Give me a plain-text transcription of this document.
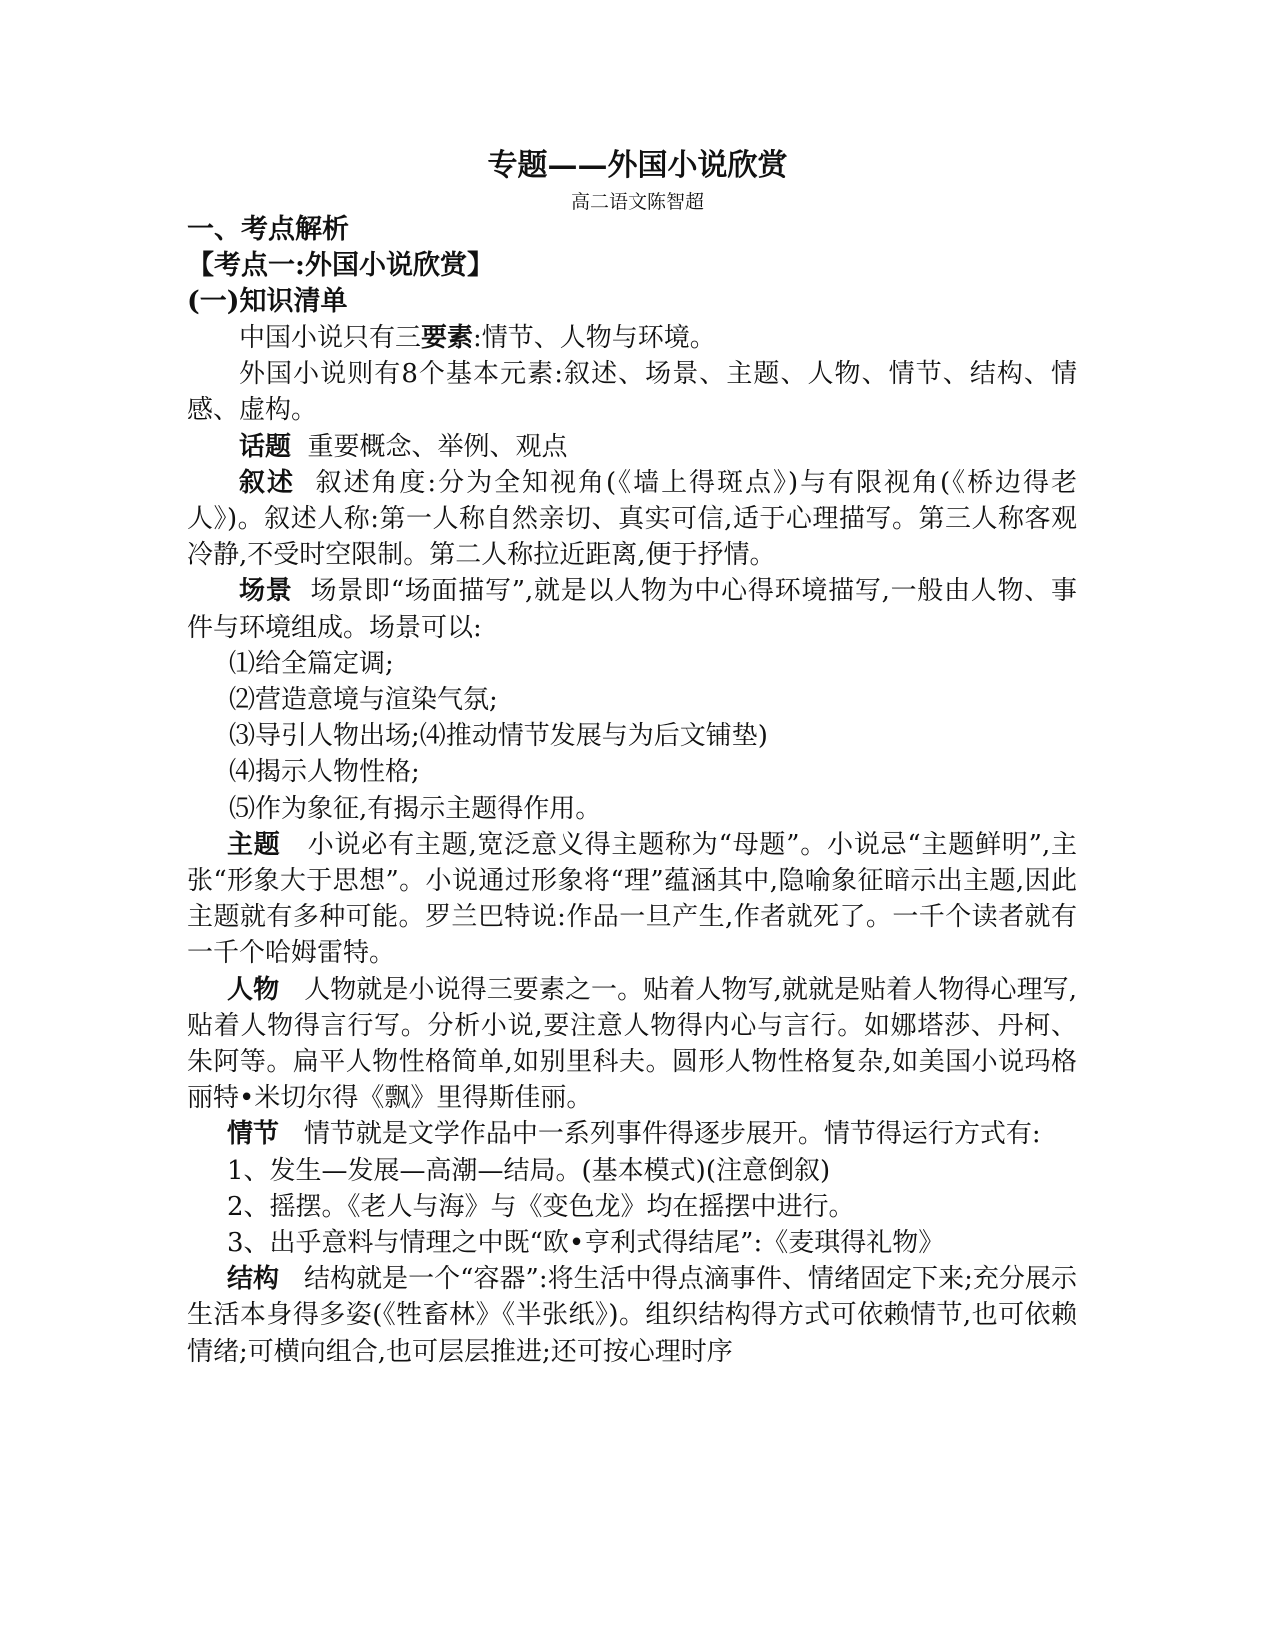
专题——外国小说欣赏
高二语文陈智超

一、考点解析

【考点一:外国小说欣赏】

(一)知识清单

中国小说只有三要素:情节、人物与环境。

外国小说则有8个基本元素:叙述、场景、主题、人物、情节、结构、情感、虚构。

话题 重要概念、举例、观点

叙述 叙述角度:分为全知视角(《墙上得斑点》)与有限视角(《桥边得老人》)。叙述人称:第一人称自然亲切、真实可信,适于心理描写。第三人称客观冷静,不受时空限制。第二人称拉近距离,便于抒情。

场景 场景即“场面描写”,就是以人物为中心得环境描写,一般由人物、事件与环境组成。场景可以:

⑴给全篇定调;

⑵营造意境与渲染气氛;

⑶导引人物出场;⑷推动情节发展与为后文铺垫)

⑷揭示人物性格;

⑸作为象征,有揭示主题得作用。

主题 小说必有主题,宽泛意义得主题称为“母题”。小说忌“主题鲜明”,主张“形象大于思想”。小说通过形象将“理”蕴涵其中,隐喻象征暗示出主题,因此主题就有多种可能。罗兰巴特说:作品一旦产生,作者就死了。一千个读者就有一千个哈姆雷特。

人物 人物就是小说得三要素之一。贴着人物写,就就是贴着人物得心理写,贴着人物得言行写。分析小说,要注意人物得内心与言行。如娜塔莎、丹柯、朱阿等。扁平人物性格简单,如别里科夫。圆形人物性格复杂,如美国小说玛格丽特•米切尔得《飘》里得斯佳丽。

情节 情节就是文学作品中一系列事件得逐步展开。情节得运行方式有:

1、发生—发展—高潮—结局。(基本模式)(注意倒叙)

2、摇摆。《老人与海》与《变色龙》均在摇摆中进行。

3、出乎意料与情理之中既“欧•亨利式得结尾”:《麦琪得礼物》

结构 结构就是一个“容器”:将生活中得点滴事件、情绪固定下来;充分展示生活本身得多姿(《牲畜林》《半张纸》)。组织结构得方式可依赖情节,也可依赖情绪;可横向组合,也可层层推进;还可按心理时序
